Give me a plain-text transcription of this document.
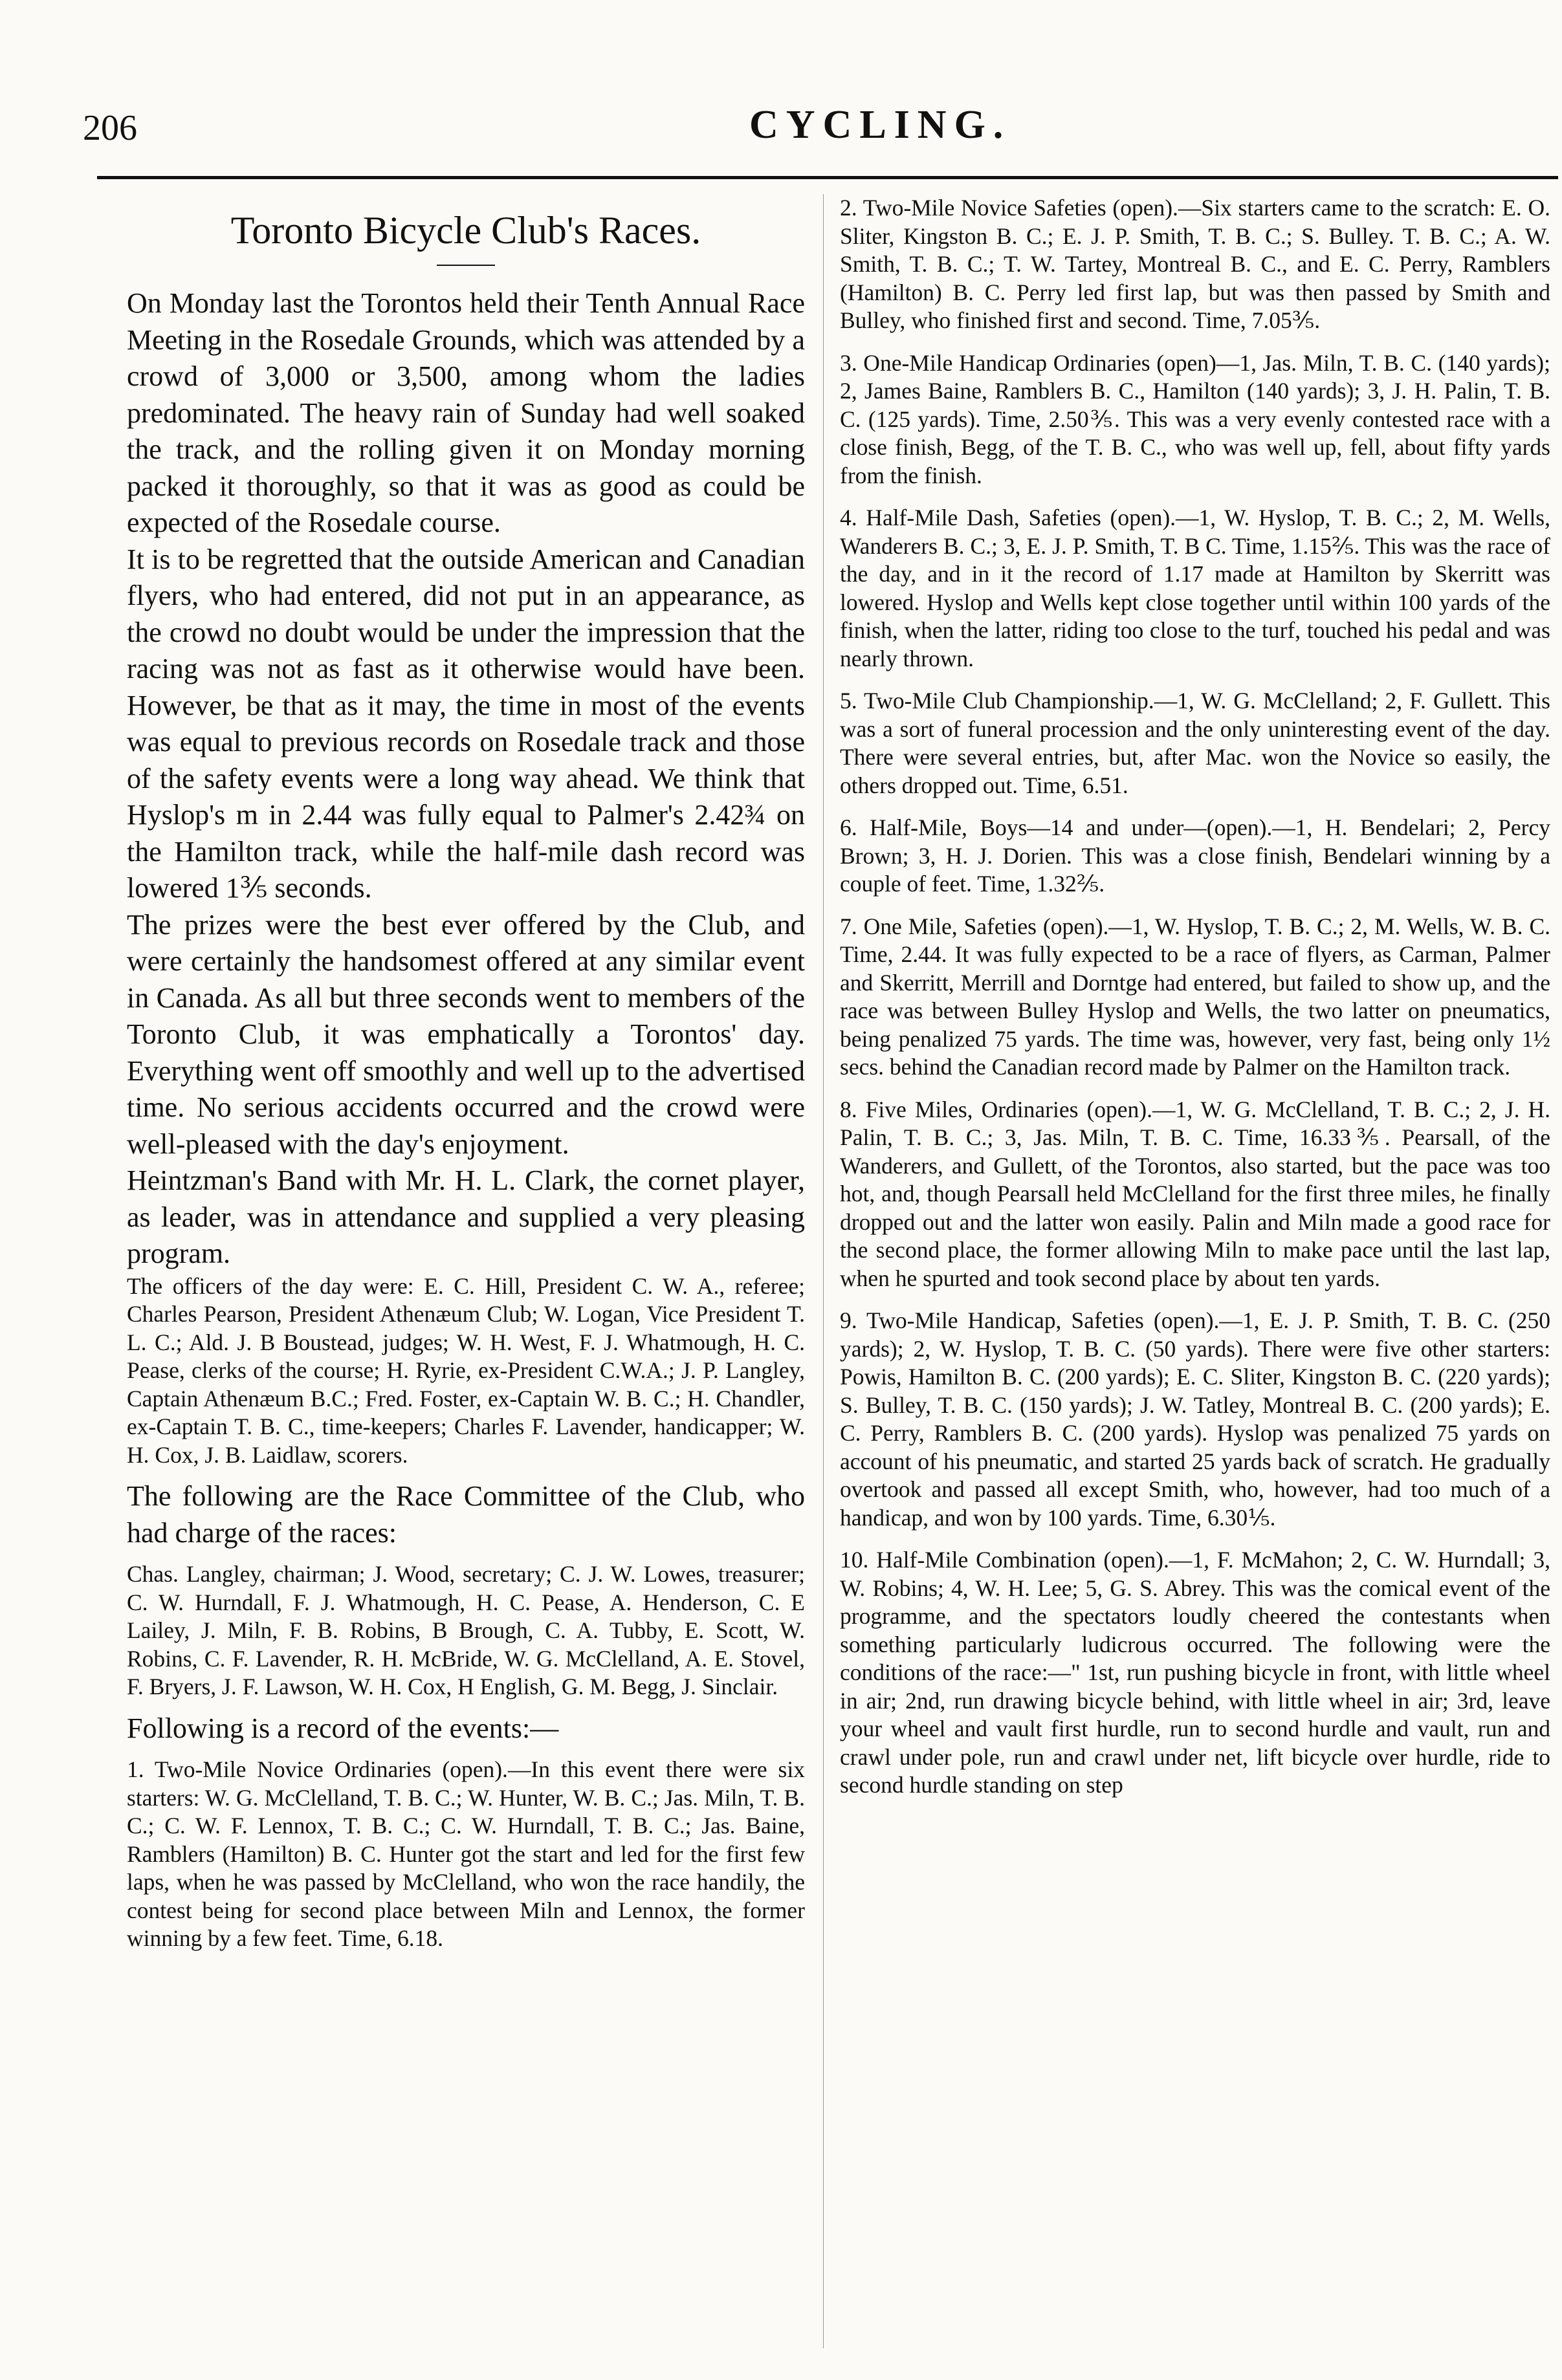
206	CYCLING.
Toronto Bicycle Club's Races.

On Monday last the Torontos held their Tenth Annual Race Meeting in the Rosedale Grounds, which was attended by a crowd of 3,000 or 3,500, among whom the ladies predominated. The heavy rain of Sunday had well soaked the track, and the rolling given it on Monday morning packed it thoroughly, so that it was as good as could be expected of the Rosedale course.

It is to be regretted that the outside American and Canadian flyers, who had entered, did not put in an appearance, as the crowd no doubt would be under the impression that the racing was not as fast as it otherwise would have been. However, be that as it may, the time in most of the events was equal to previous records on Rosedale track and those of the safety events were a long way ahead. We think that Hyslop's m in 2.44 was fully equal to Palmer's 2.42¾ on the Hamilton track, while the half-mile dash record was lowered 1⅗ seconds.

The prizes were the best ever offered by the Club, and were certainly the handsomest offered at any similar event in Canada. As all but three seconds went to members of the Toronto Club, it was emphatically a Torontos' day. Everything went off smoothly and well up to the advertised time. No serious accidents occurred and the crowd were well-pleased with the day's enjoyment.

Heintzman's Band with Mr. H. L. Clark, the cornet player, as leader, was in attendance and supplied a very pleasing program.

The officers of the day were: E. C. Hill, President C. W. A., referee; Charles Pearson, President Athenæum Club; W. Logan, Vice President T. L. C.; Ald. J. B Boustead, judges; W. H. West, F. J. Whatmough, H. C. Pease, clerks of the course; H. Ryrie, ex-President C.W.A.; J. P. Langley, Captain Athenæum B.C.; Fred. Foster, ex-Captain W. B. C.; H. Chandler, ex-Captain T. B. C., time-keepers; Charles F. Lavender, handicapper; W. H. Cox, J. B. Laidlaw, scorers.

The following are the Race Committee of the Club, who had charge of the races:

Chas. Langley, chairman; J. Wood, secretary; C. J. W. Lowes, treasurer; C. W. Hurndall, F. J. Whatmough, H. C. Pease, A. Henderson, C. E Lailey, J. Miln, F. B. Robins, B Brough, C. A. Tubby, E. Scott, W. Robins, C. F. Lavender, R. H. McBride, W. G. McClelland, A. E. Stovel, F. Bryers, J. F. Lawson, W. H. Cox, H English, G. M. Begg, J. Sinclair.

Following is a record of the events:—

1. Two-Mile Novice Ordinaries (open).—In this event there were six starters: W. G. McClelland, T. B. C.; W. Hunter, W. B. C.; Jas. Miln, T. B. C.; C. W. F. Lennox, T. B. C.; C. W. Hurndall, T. B. C.; Jas. Baine, Ramblers (Hamilton) B. C. Hunter got the start and led for the first few laps, when he was passed by McClelland, who won the race handily, the contest being for second place between Miln and Lennox, the former winning by a few feet. Time, 6.18.

2. Two-Mile Novice Safeties (open).—Six starters came to the scratch: E. O. Sliter, Kingston B. C.; E. J. P. Smith, T. B. C.; S. Bulley. T. B. C.; A. W. Smith, T. B. C.; T. W. Tartey, Montreal B. C., and E. C. Perry, Ramblers (Hamilton) B. C. Perry led first lap, but was then passed by Smith and Bulley, who finished first and second. Time, 7.05⅗.

3. One-Mile Handicap Ordinaries (open)—1, Jas. Miln, T. B. C. (140 yards); 2, James Baine, Ramblers B. C., Hamilton (140 yards); 3, J. H. Palin, T. B. C. (125 yards). Time, 2.50⅗. This was a very evenly contested race with a close finish, Begg, of the T. B. C., who was well up, fell, about fifty yards from the finish.

4. Half-Mile Dash, Safeties (open).—1, W. Hyslop, T. B. C.; 2, M. Wells, Wanderers B. C.; 3, E. J. P. Smith, T. B C. Time, 1.15⅖. This was the race of the day, and in it the record of 1.17 made at Hamilton by Skerritt was lowered. Hyslop and Wells kept close together until within 100 yards of the finish, when the latter, riding too close to the turf, touched his pedal and was nearly thrown.

5. Two-Mile Club Championship.—1, W. G. McClelland; 2, F. Gullett. This was a sort of funeral procession and the only uninteresting event of the day. There were several entries, but, after Mac. won the Novice so easily, the others dropped out. Time, 6.51.

6. Half-Mile, Boys—14 and under—(open).—1, H. Bendelari; 2, Percy Brown; 3, H. J. Dorien. This was a close finish, Bendelari winning by a couple of feet. Time, 1.32⅖.

7. One Mile, Safeties (open).—1, W. Hyslop, T. B. C.; 2, M. Wells, W. B. C. Time, 2.44. It was fully expected to be a race of flyers, as Carman, Palmer and Skerritt, Merrill and Dorntge had entered, but failed to show up, and the race was between Bulley Hyslop and Wells, the two latter on pneumatics, being penalized 75 yards. The time was, however, very fast, being only 1½ secs. behind the Canadian record made by Palmer on the Hamilton track.

8. Five Miles, Ordinaries (open).—1, W. G. McClelland, T. B. C.; 2, J. H. Palin, T. B. C.; 3, Jas. Miln, T. B. C. Time, 16.33⅗. Pearsall, of the Wanderers, and Gullett, of the Torontos, also started, but the pace was too hot, and, though Pearsall held McClelland for the first three miles, he finally dropped out and the latter won easily. Palin and Miln made a good race for the second place, the former allowing Miln to make pace until the last lap, when he spurted and took second place by about ten yards.

9. Two-Mile Handicap, Safeties (open).—1, E. J. P. Smith, T. B. C. (250 yards); 2, W. Hyslop, T. B. C. (50 yards). There were five other starters: Powis, Hamilton B. C. (200 yards); E. C. Sliter, Kingston B. C. (220 yards); S. Bulley, T. B. C. (150 yards); J. W. Tatley, Montreal B. C. (200 yards); E. C. Perry, Ramblers B. C. (200 yards). Hyslop was penalized 75 yards on account of his pneumatic, and started 25 yards back of scratch. He gradually overtook and passed all except Smith, who, however, had too much of a handicap, and won by 100 yards. Time, 6.30⅕.

10. Half-Mile Combination (open).—1, F. McMahon; 2, C. W. Hurndall; 3, W. Robins; 4, W. H. Lee; 5, G. S. Abrey. This was the comical event of the programme, and the spectators loudly cheered the contestants when something particularly ludicrous occurred. The following were the conditions of the race:—" 1st, run pushing bicycle in front, with little wheel in air; 2nd, run drawing bicycle behind, with little wheel in air; 3rd, leave your wheel and vault first hurdle, run to second hurdle and vault, run and crawl under pole, run and crawl under net, lift bicycle over hurdle, ride to second hurdle standing on step
